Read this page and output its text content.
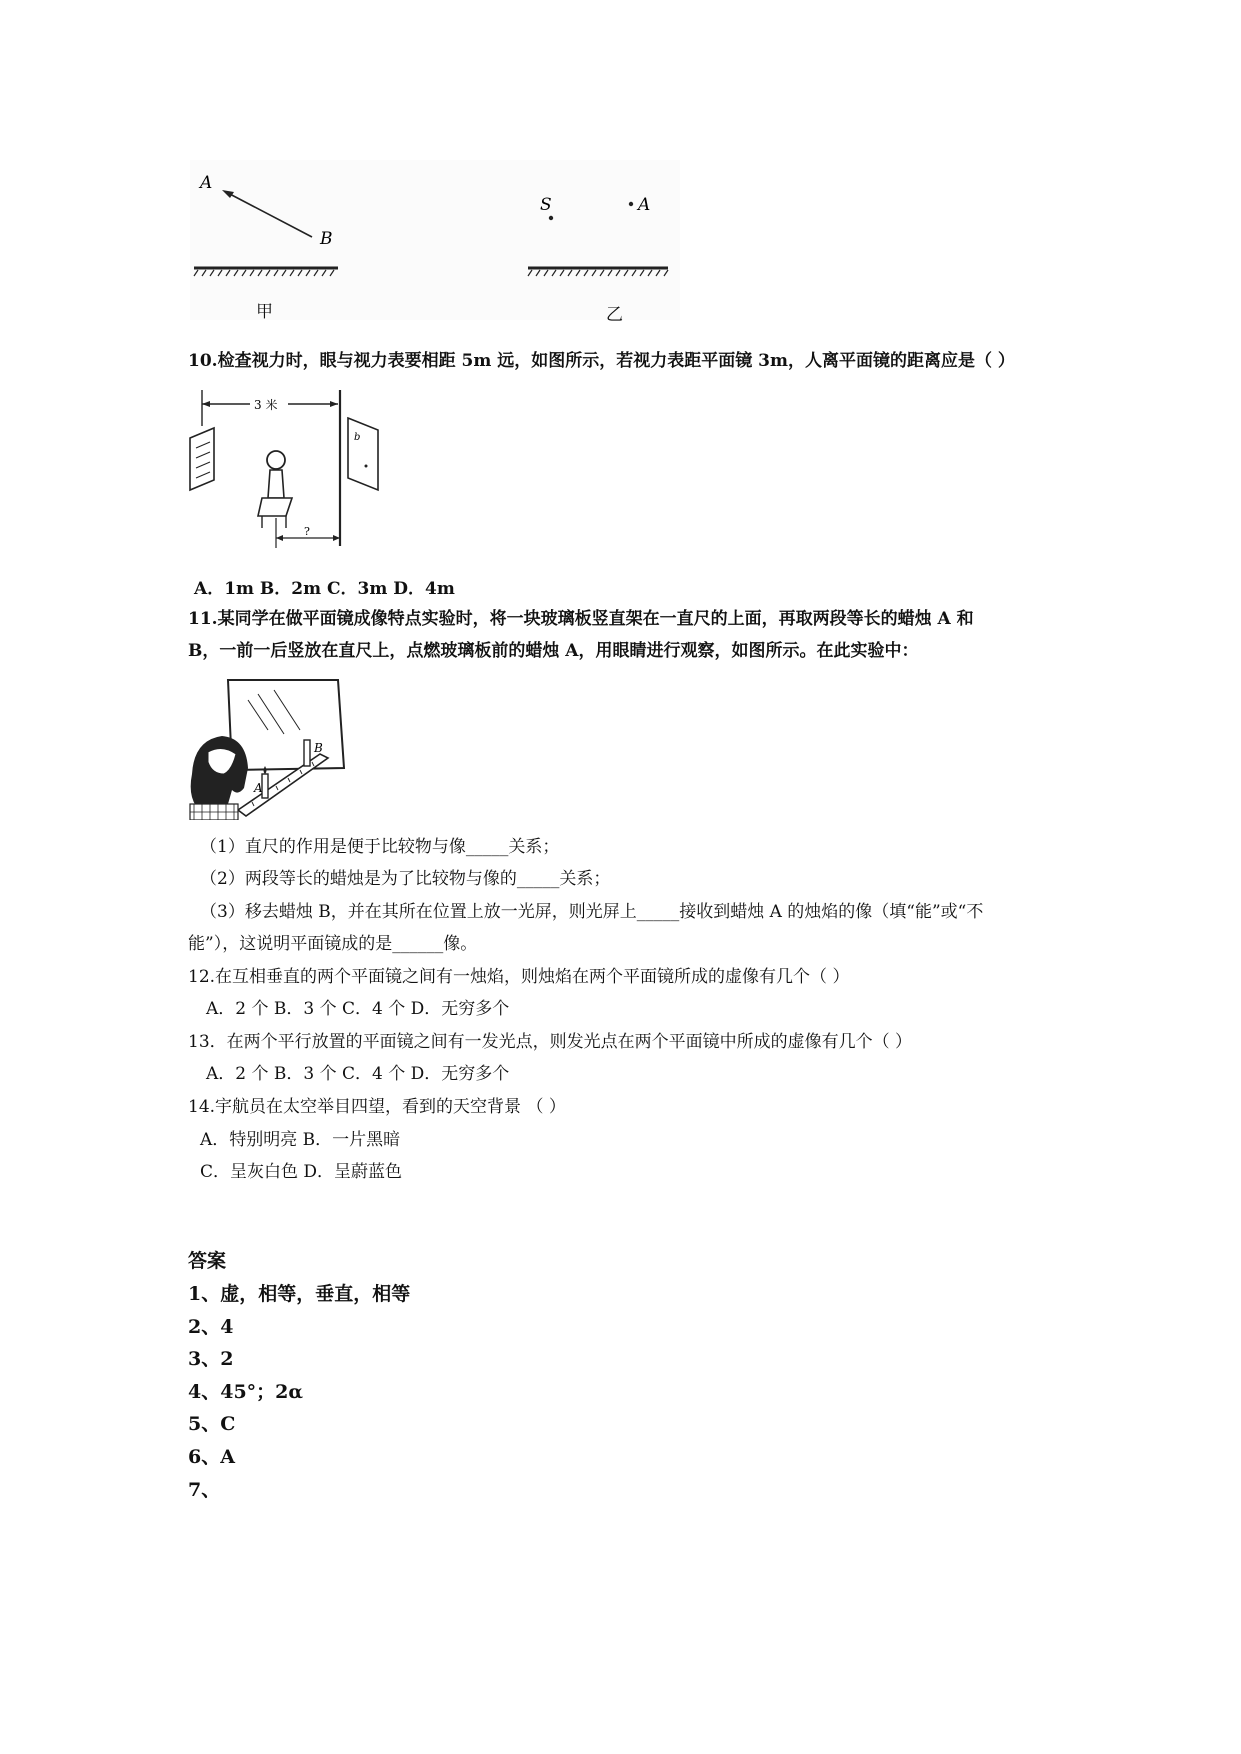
A
B
S	A
甲	乙
10.检查视力时，眼与视力表要相距 5m 远，如图所示，若视力表距平面镜 3m，人离平面镜的距离应是（ ）
3 米
b
?
A．1m B．2m C．3m D．4m
11.某同学在做平面镜成像特点实验时，将一块玻璃板竖直架在一直尺的上面，再取两段等长的蜡烛 A 和
B，一前一后竖放在直尺上，点燃玻璃板前的蜡烛 A，用眼睛进行观察，如图所示。在此实验中：
A
B
（1）直尺的作用是便于比较物与像_____关系；
（2）两段等长的蜡烛是为了比较物与像的_____关系；
（3）移去蜡烛 B，并在其所在位置上放一光屏，则光屏上_____接收到蜡烛 A 的烛焰的像（填“能”或“不
能”），这说明平面镜成的是______像。
12.在互相垂直的两个平面镜之间有一烛焰，则烛焰在两个平面镜所成的虚像有几个（ ）
A．2 个 B．3 个 C．4 个 D．无穷多个
13．在两个平行放置的平面镜之间有一发光点，则发光点在两个平面镜中所成的虚像有几个（ ）
A．2 个 B．3 个 C．4 个 D．无穷多个
14.宇航员在太空举目四望，看到的天空背景 （ ）
A．特别明亮 B．一片黑暗
C．呈灰白色 D．呈蔚蓝色
答案
1、虚，相等，垂直，相等
2、4
3、2
4、45°；2α
5、C
6、A
7、
